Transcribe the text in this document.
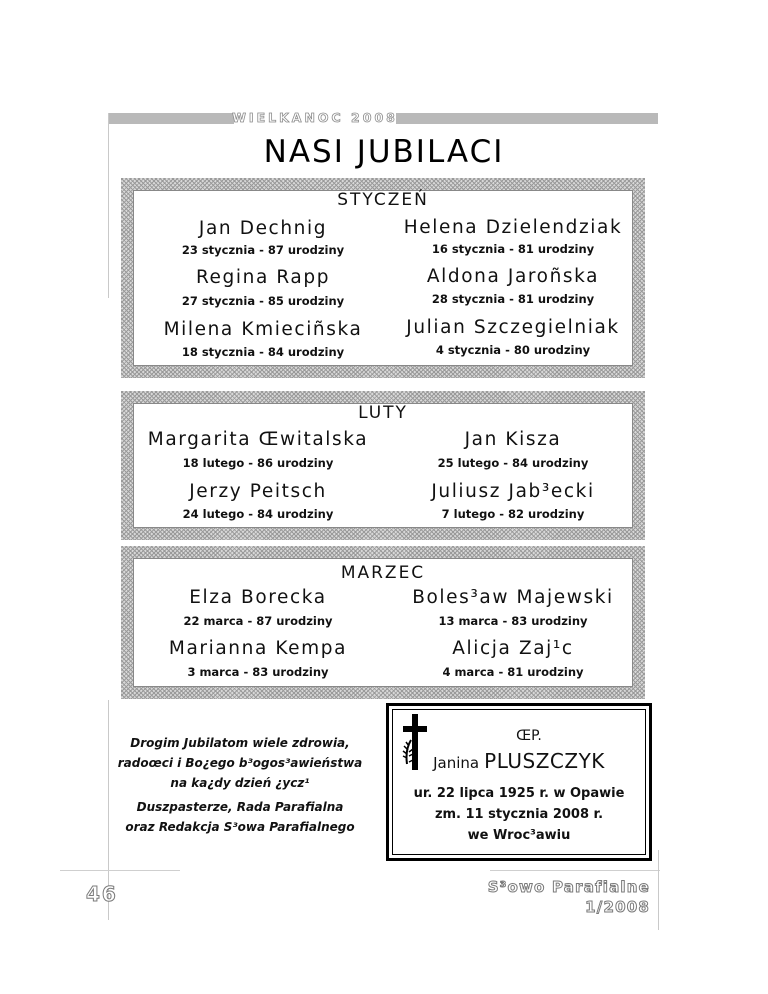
WIELKANOC 2008
NASI JUBILACI
STYCZEŃ
Jan Dechnig	Helena Dzielendziak
23 stycznia - 87 urodziny	16 stycznia - 81 urodziny
Regina Rapp	Aldona Jaroñska
27 stycznia - 85 urodziny	28 stycznia - 81 urodziny
Milena Kmieciñska	Julian Szczegielniak
18 stycznia - 84 urodziny	4 stycznia - 80 urodziny
LUTY
Margarita Œwitalska	Jan Kisza
18 lutego - 86 urodziny	25 lutego - 84 urodziny
Jerzy Peitsch	Juliusz Jab³ecki
24 lutego - 84 urodziny	7 lutego - 82 urodziny
MARZEC
Elza Borecka	Boles³aw Majewski
22 marca - 87 urodziny	13 marca - 83 urodziny
Marianna Kempa	Alicja Zaj¹c
3 marca - 83 urodziny	4 marca - 81 urodziny
Drogim Jubilatom wiele zdrowia,
radoœci i Bo¿ego b³ogos³awieństwa
na ka¿dy dzień ¿ycz¹
Duszpasterze, Rada Parafialna
oraz Redakcja S³owa Parafialnego
ŒP.
Janina PLUSZCZYK
ur. 22 lipca 1925 r. w Opawie
zm. 11 stycznia 2008 r.
we Wroc³awiu
46	S³owo Parafialne
1/2008
